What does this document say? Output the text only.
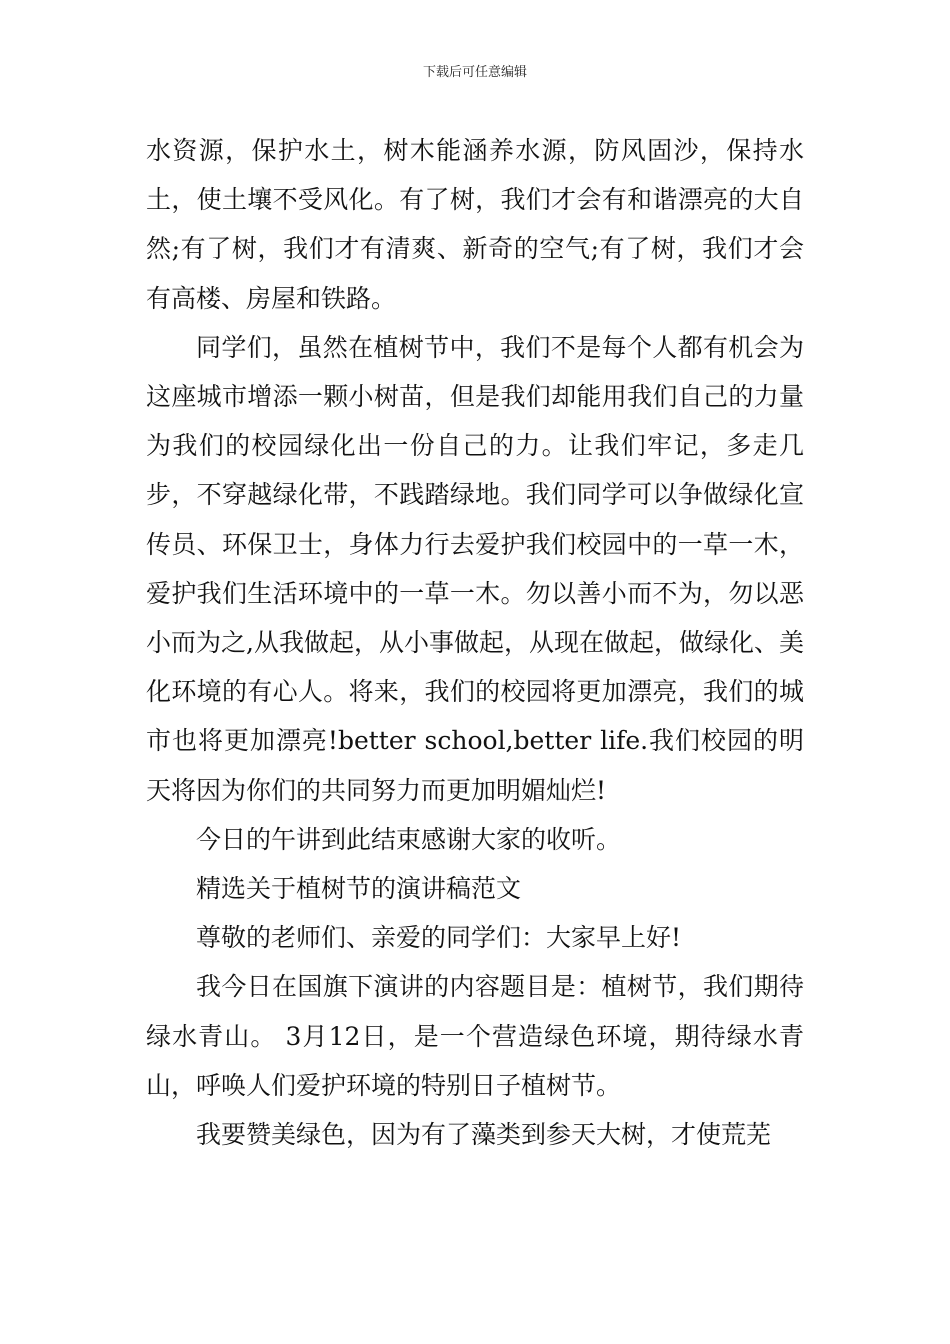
下载后可任意编辑

水资源，保护水土，树木能涵养水源，防风固沙，保持水土，使土壤不受风化。有了树，我们才会有和谐漂亮的大自然;有了树，我们才有清爽、新奇的空气;有了树，我们才会有高楼、房屋和铁路。

同学们，虽然在植树节中，我们不是每个人都有机会为这座城市增添一颗小树苗，但是我们却能用我们自己的力量为我们的校园绿化出一份自己的力。让我们牢记，多走几步，不穿越绿化带，不践踏绿地。我们同学可以争做绿化宣传员、环保卫士，身体力行去爱护我们校园中的一草一木，爱护我们生活环境中的一草一木。勿以善小而不为，勿以恶小而为之,从我做起，从小事做起，从现在做起，做绿化、美化环境的有心人。将来，我们的校园将更加漂亮，我们的城市也将更加漂亮!better school,better life.我们校园的明天将因为你们的共同努力而更加明媚灿烂!

今日的午讲到此结束感谢大家的收听。

精选关于植树节的演讲稿范文

尊敬的老师们、亲爱的同学们：大家早上好!

我今日在国旗下演讲的内容题目是：植树节，我们期待绿水青山。 3月12日，是一个营造绿色环境，期待绿水青山，呼唤人们爱护环境的特别日子植树节。

我要赞美绿色，因为有了藻类到参天大树，才使荒芜
